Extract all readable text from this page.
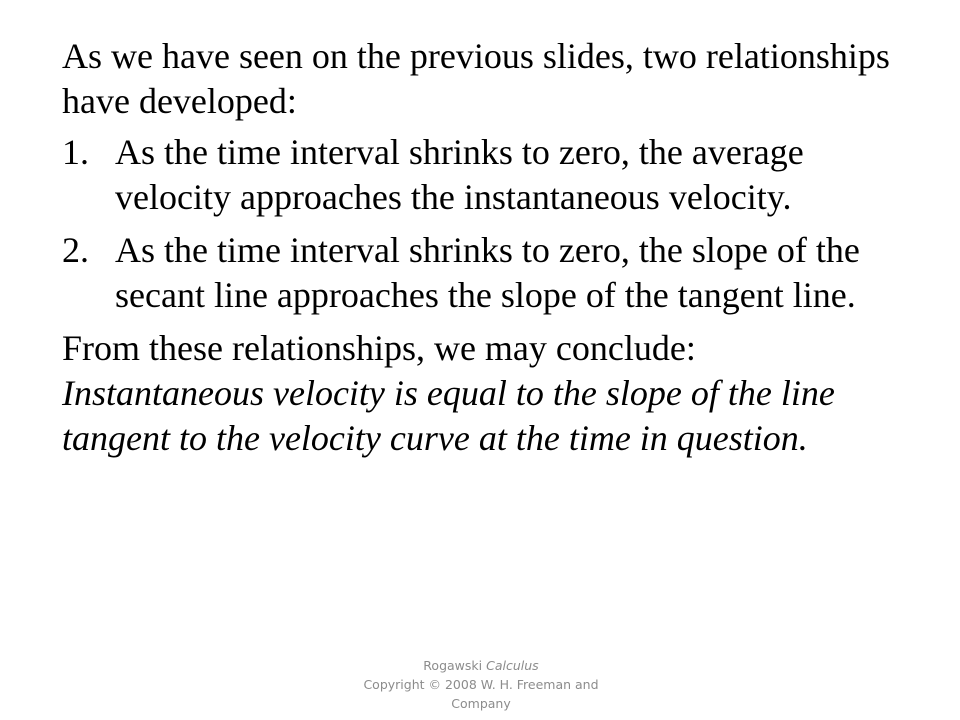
As we have seen on the previous slides, two relationships have developed:

1. As the time interval shrinks to zero, the average velocity approaches the instantaneous velocity.
2. As the time interval shrinks to zero, the slope of the secant line approaches the slope of the tangent line.

From these relationships, we may conclude:

Instantaneous velocity is equal to the slope of the line tangent to the velocity curve at the time in question.

Rogawski Calculus
Copyright © 2008 W. H. Freeman and Company
